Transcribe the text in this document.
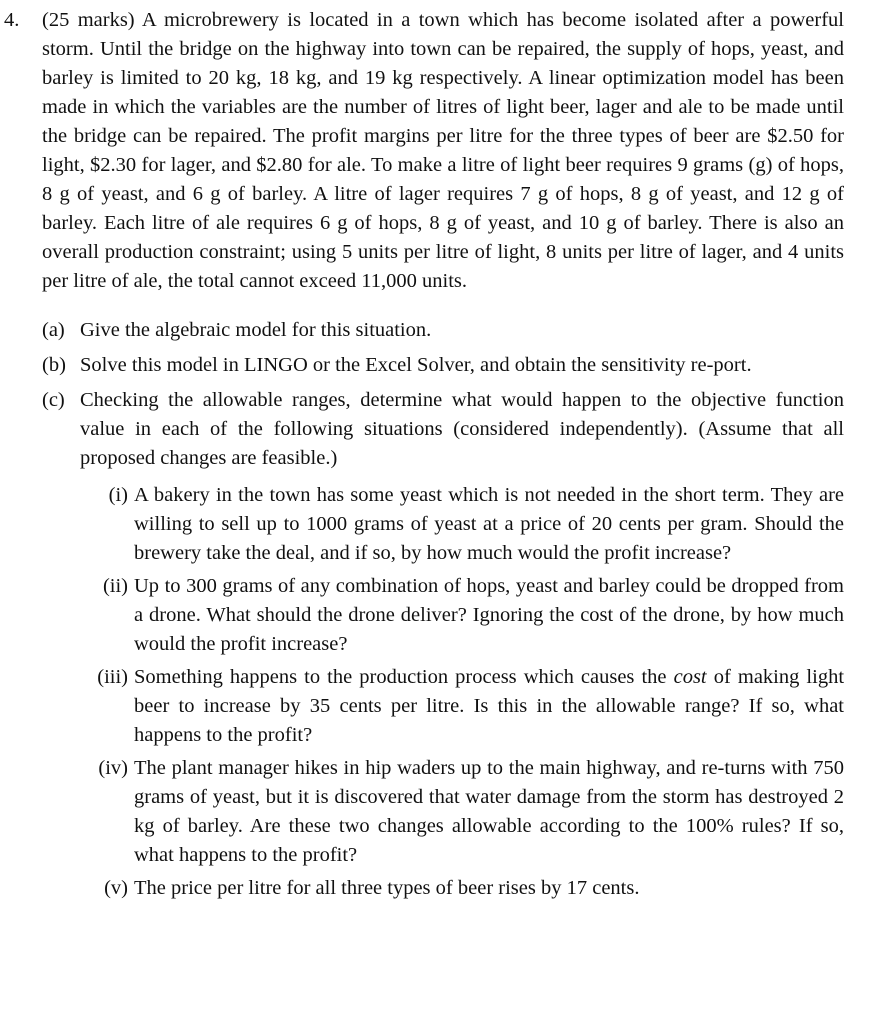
4. (25 marks) A microbrewery is located in a town which has become isolated after a powerful storm. Until the bridge on the highway into town can be repaired, the supply of hops, yeast, and barley is limited to 20 kg, 18 kg, and 19 kg respectively. A linear optimization model has been made in which the variables are the number of litres of light beer, lager and ale to be made until the bridge can be repaired. The profit margins per litre for the three types of beer are $2.50 for light, $2.30 for lager, and $2.80 for ale. To make a litre of light beer requires 9 grams (g) of hops, 8 g of yeast, and 6 g of barley. A litre of lager requires 7 g of hops, 8 g of yeast, and 12 g of barley. Each litre of ale requires 6 g of hops, 8 g of yeast, and 10 g of barley. There is also an overall production constraint; using 5 units per litre of light, 8 units per litre of lager, and 4 units per litre of ale, the total cannot exceed 11,000 units.
(a) Give the algebraic model for this situation.
(b) Solve this model in LINGO or the Excel Solver, and obtain the sensitivity re-port.
(c) Checking the allowable ranges, determine what would happen to the objective function value in each of the following situations (considered independently). (Assume that all proposed changes are feasible.)
(i) A bakery in the town has some yeast which is not needed in the short term. They are willing to sell up to 1000 grams of yeast at a price of 20 cents per gram. Should the brewery take the deal, and if so, by how much would the profit increase?
(ii) Up to 300 grams of any combination of hops, yeast and barley could be dropped from a drone. What should the drone deliver? Ignoring the cost of the drone, by how much would the profit increase?
(iii) Something happens to the production process which causes the cost of making light beer to increase by 35 cents per litre. Is this in the allowable range? If so, what happens to the profit?
(iv) The plant manager hikes in hip waders up to the main highway, and re-turns with 750 grams of yeast, but it is discovered that water damage from the storm has destroyed 2 kg of barley. Are these two changes allowable according to the 100% rules? If so, what happens to the profit?
(v) The price per litre for all three types of beer rises by 17 cents.
